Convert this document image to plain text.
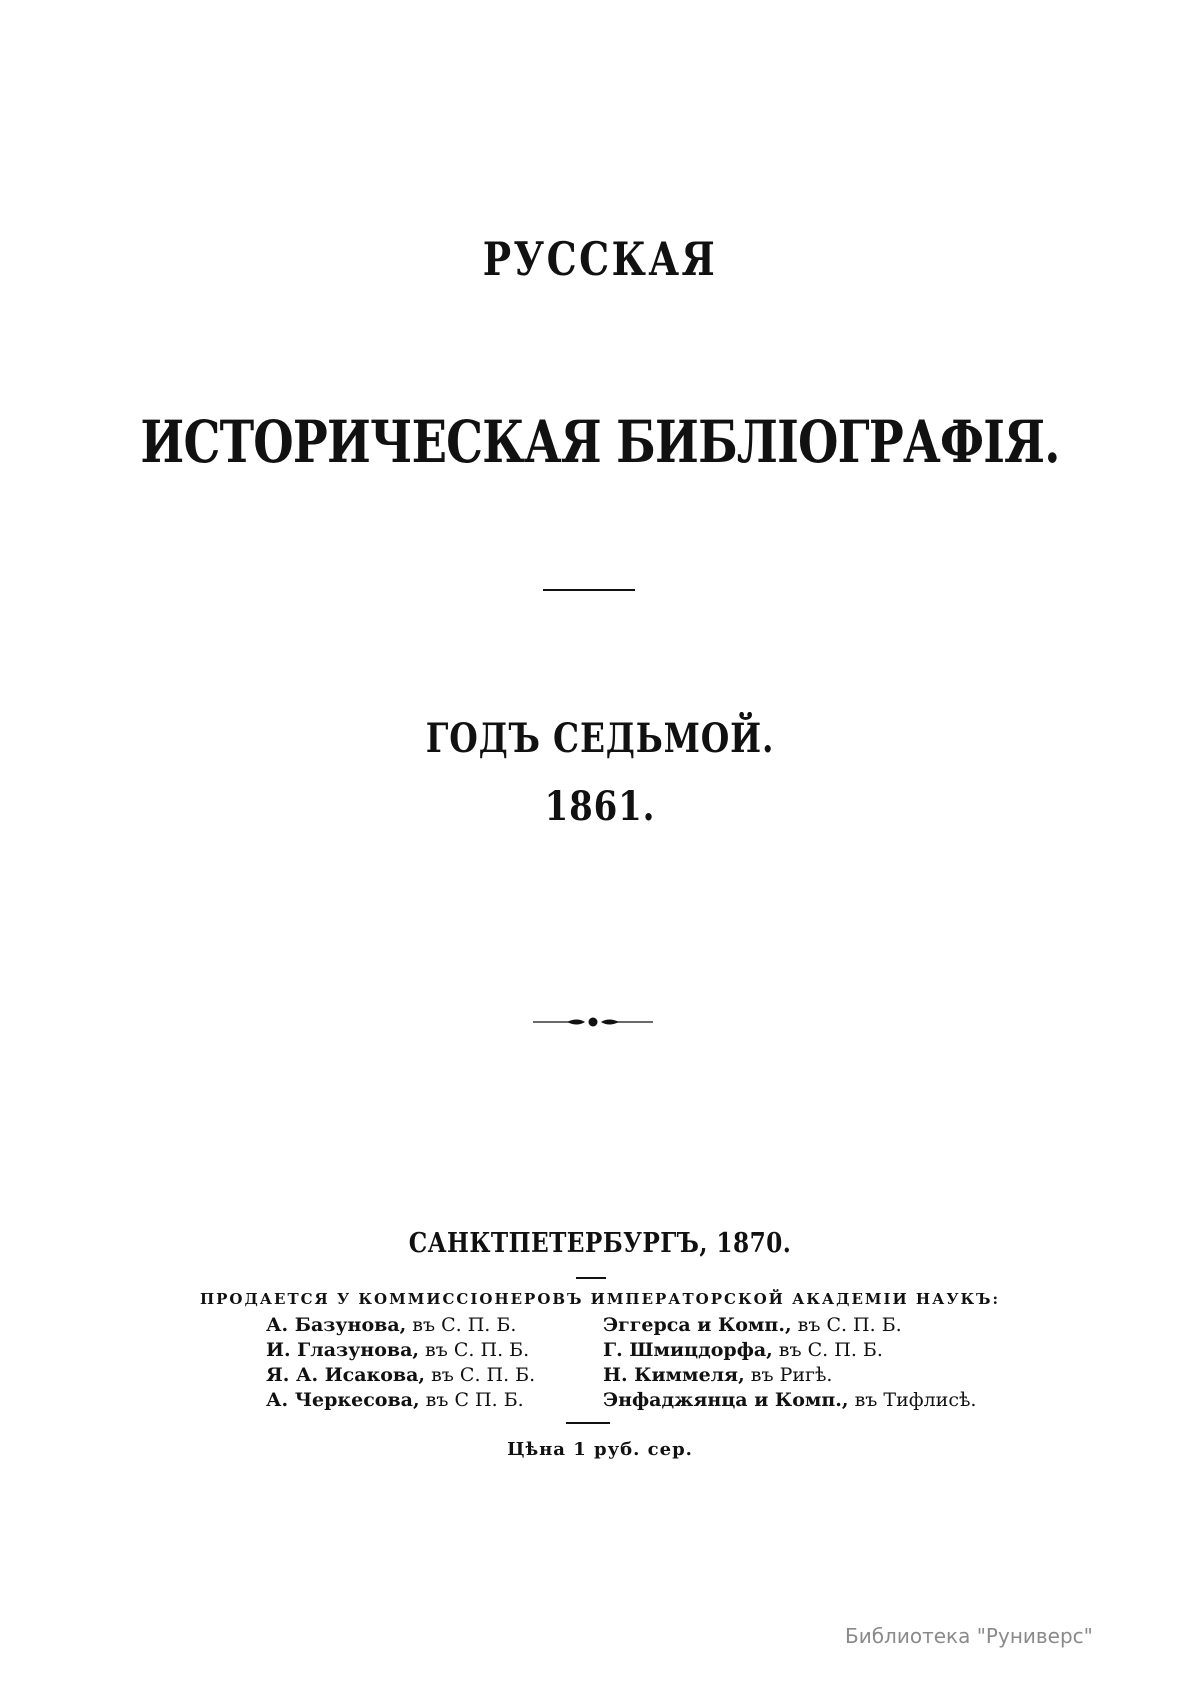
РУССКАЯ
ИСТОРИЧЕСКАЯ БИБЛІОГРАФІЯ.
ГОДЪ СЕДЬМОЙ.
1861.
САНКТПЕТЕРБУРГЪ, 1870.
ПРОДАЕТСЯ У КОММИССІОНЕРОВЪ ИМПЕРАТОРСКОЙ АКАДЕМІИ НАУКЪ:
А. Базунова, въ С. П. Б.
И. Глазунова, въ С. П. Б.
Я. А. Исакова, въ С. П. Б.
А. Черкесова, въ С П. Б.
Эггерса и Комп., въ С. П. Б.
Г. Шмицдорфа, въ С. П. Б.
Н. Киммеля, въ Ригѣ.
Энфаджянца и Комп., въ Тифлисѣ.
Цѣна 1 руб. сер.
Библиотека "Руниверс"
